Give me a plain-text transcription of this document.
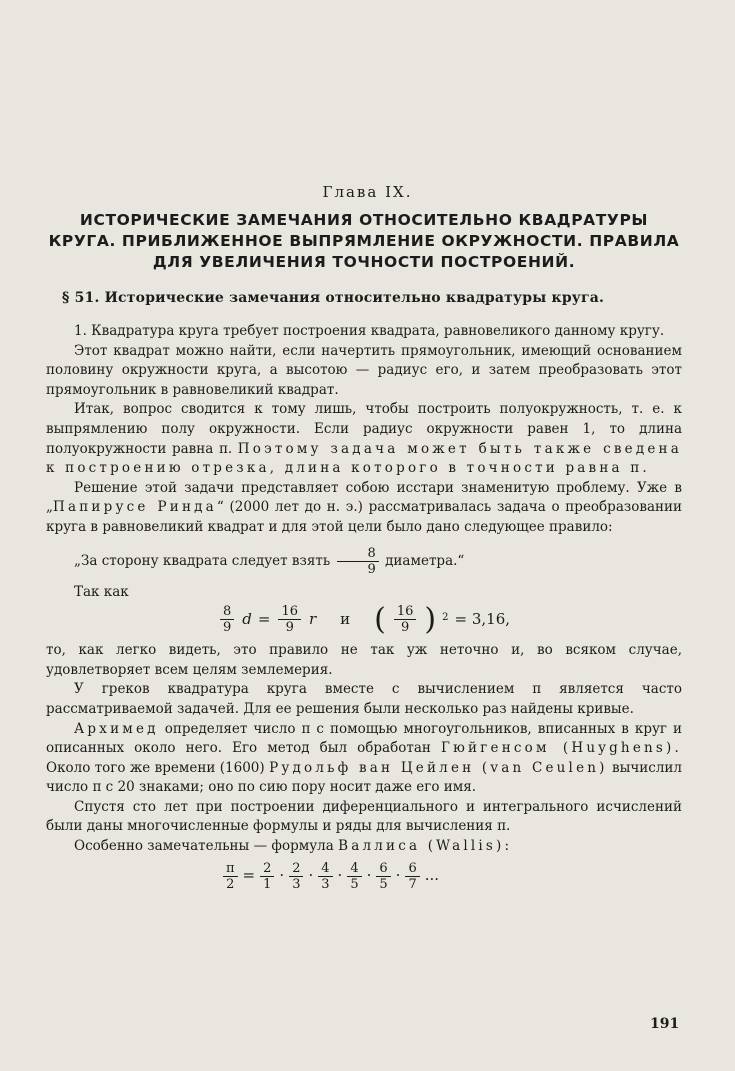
Глава IX.
ИСТОРИЧЕСКИЕ ЗАМЕЧАНИЯ ОТНОСИТЕЛЬНО КВАДРАТУРЫ
КРУГА. ПРИБЛИЖЕННОЕ ВЫПРЯМЛЕНИЕ ОКРУЖНОСТИ. ПРАВИЛА
ДЛЯ УВЕЛИЧЕНИЯ ТОЧНОСТИ ПОСТРОЕНИЙ.
§ 51. Исторические замечания относительно квадратуры круга.

1. Квадратура круга требует построения квадрата, равновеликого данному кругу.

Этот квадрат можно найти, если начертить прямоугольник, имеющий основанием половину окружности круга, а высотою — радиус его, и затем преобразовать этот прямоугольник в равновеликий квадрат.

Итак, вопрос сводится к тому лишь, чтобы построить полуокружность, т. е. к выпрямлению полу окружности. Если радиус окружности равен 1, то длина полуокружности равна π. Поэтому задача может быть также сведена к построению отрезка, длина которого в точности равна π.

Решение этой задачи представляет собою исстари знаменитую проблему. Уже в „Папирусе Ринда“ (2000 лет до н. э.) рассматривалась задача о преобразовании круга в равновеликий квадрат и для этой цели было дано следующее правило:

„За сторону квадрата следует взять $\frac{8}{9}$ диаметра.“

Так как

$\frac{8}{9}$ $d = \frac{16}{9}$ r и ( $\frac{16}{9}$ ) 2 = 3,16,

то, как легко видеть, это правило не так уж неточно и, во всяком случае, удовлетворяет всем целям землемерия.

У греков квадратура круга вместе с вычислением π является часто рассматриваемой задачей. Для ее решения были несколько раз найдены кривые.

Архимед определяет число π с помощью многоугольников, вписанных в круг и описанных около него. Его метод был обработан Гюйгенсом (Huyghens). Около того же времени (1600) Рудольф ван Цейлен (van Ceulen) вычислил число π с 20 знаками; оно по сию пору носит даже его имя.

Спустя сто лет при построении диференциального и интегрального исчислений были даны многочисленные формулы и ряды для вычисления π.

Особенно замечательны — формула Валлиса (Wallis):

$\frac{\pi}{2} = \frac{2}{1} \cdot \frac{2}{3} \cdot \frac{4}{3} \cdot \frac{4}{5} \cdot \frac{6}{5} \cdot \frac{6}{7}$ ...
191
